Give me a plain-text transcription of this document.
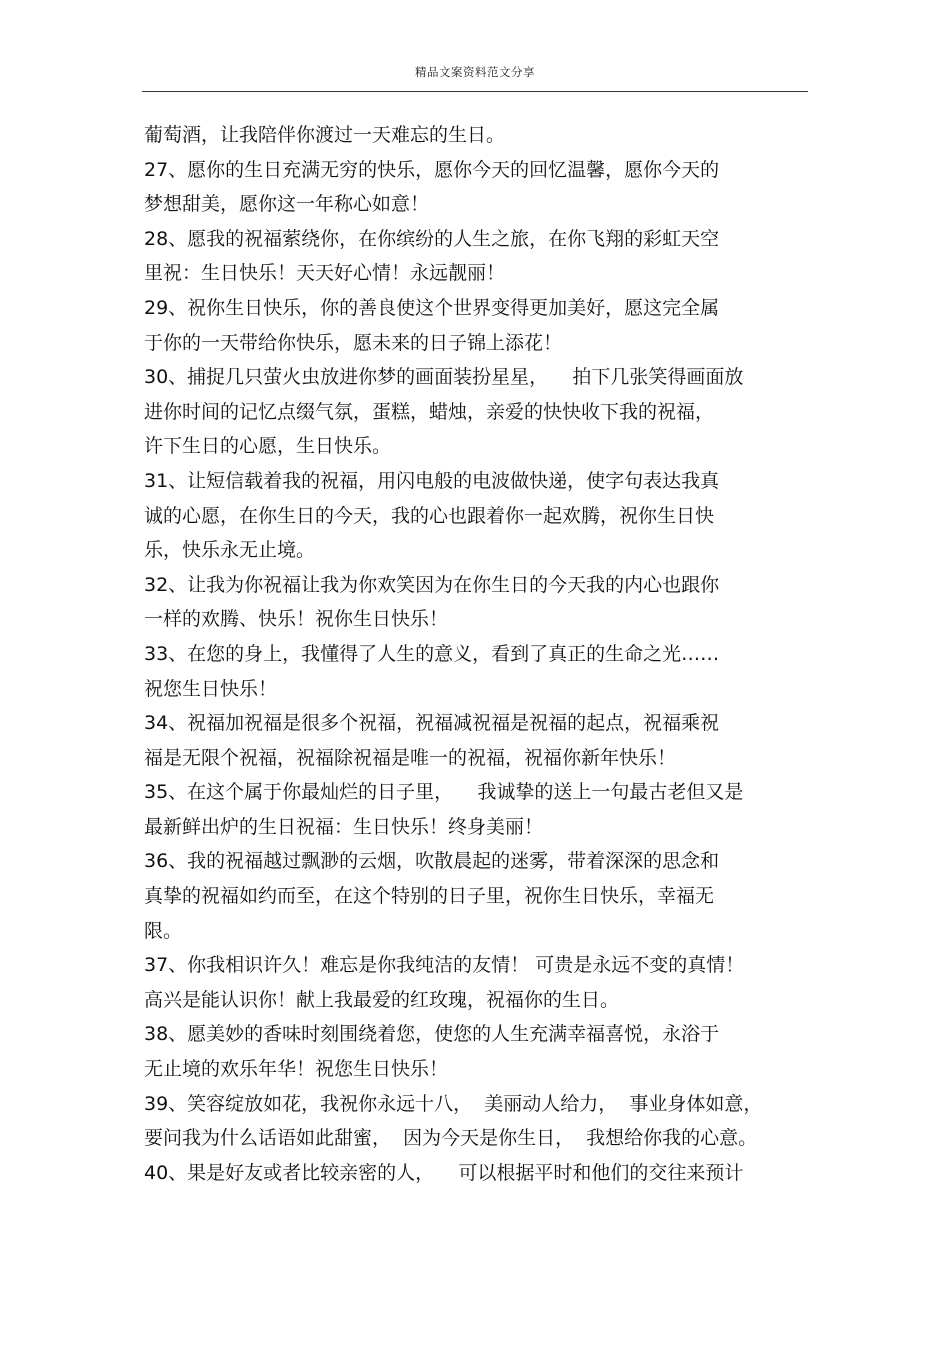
精品文案资料范文分享
葡萄酒，让我陪伴你渡过一天难忘的生日。
27、愿你的生日充满无穷的快乐，愿你今天的回忆温馨，愿你今天的
梦想甜美，愿你这一年称心如意！
28、愿我的祝福萦绕你，在你缤纷的人生之旅，在你飞翔的彩虹天空
里祝：生日快乐！天天好心情！永远靓丽！
29、祝你生日快乐，你的善良使这个世界变得更加美好，愿这完全属
于你的一天带给你快乐，愿未来的日子锦上添花！
30、捕捉几只萤火虫放进你梦的画面装扮星星，    拍下几张笑得画面放
进你时间的记忆点缀气氛，蛋糕，蜡烛，亲爱的快快收下我的祝福，
许下生日的心愿，生日快乐。
31、让短信载着我的祝福，用闪电般的电波做快递，使字句表达我真
诚的心愿，在你生日的今天，我的心也跟着你一起欢腾，祝你生日快
乐，快乐永无止境。
32、让我为你祝福让我为你欢笑因为在你生日的今天我的内心也跟你
一样的欢腾、快乐！祝你生日快乐！
33、在您的身上，我懂得了人生的意义，看到了真正的生命之光……
祝您生日快乐！
34、祝福加祝福是很多个祝福，祝福减祝福是祝福的起点，祝福乘祝
福是无限个祝福，祝福除祝福是唯一的祝福，祝福你新年快乐！
35、在这个属于你最灿烂的日子里，    我诚挚的送上一句最古老但又是
最新鲜出炉的生日祝福：生日快乐！终身美丽！
36、我的祝福越过飘渺的云烟，吹散晨起的迷雾，带着深深的思念和
真挚的祝福如约而至，在这个特别的日子里，祝你生日快乐，幸福无
限。
37、你我相识许久！难忘是你我纯洁的友情！ 可贵是永远不变的真情！
高兴是能认识你！献上我最爱的红玫瑰，祝福你的生日。
38、愿美妙的香味时刻围绕着您，使您的人生充满幸福喜悦，永浴于
无止境的欢乐年华！祝您生日快乐！
39、笑容绽放如花，我祝你永远十八，  美丽动人给力，  事业身体如意，
要问我为什么话语如此甜蜜，  因为今天是你生日，  我想给你我的心意。
40、果是好友或者比较亲密的人，    可以根据平时和他们的交往来预计
